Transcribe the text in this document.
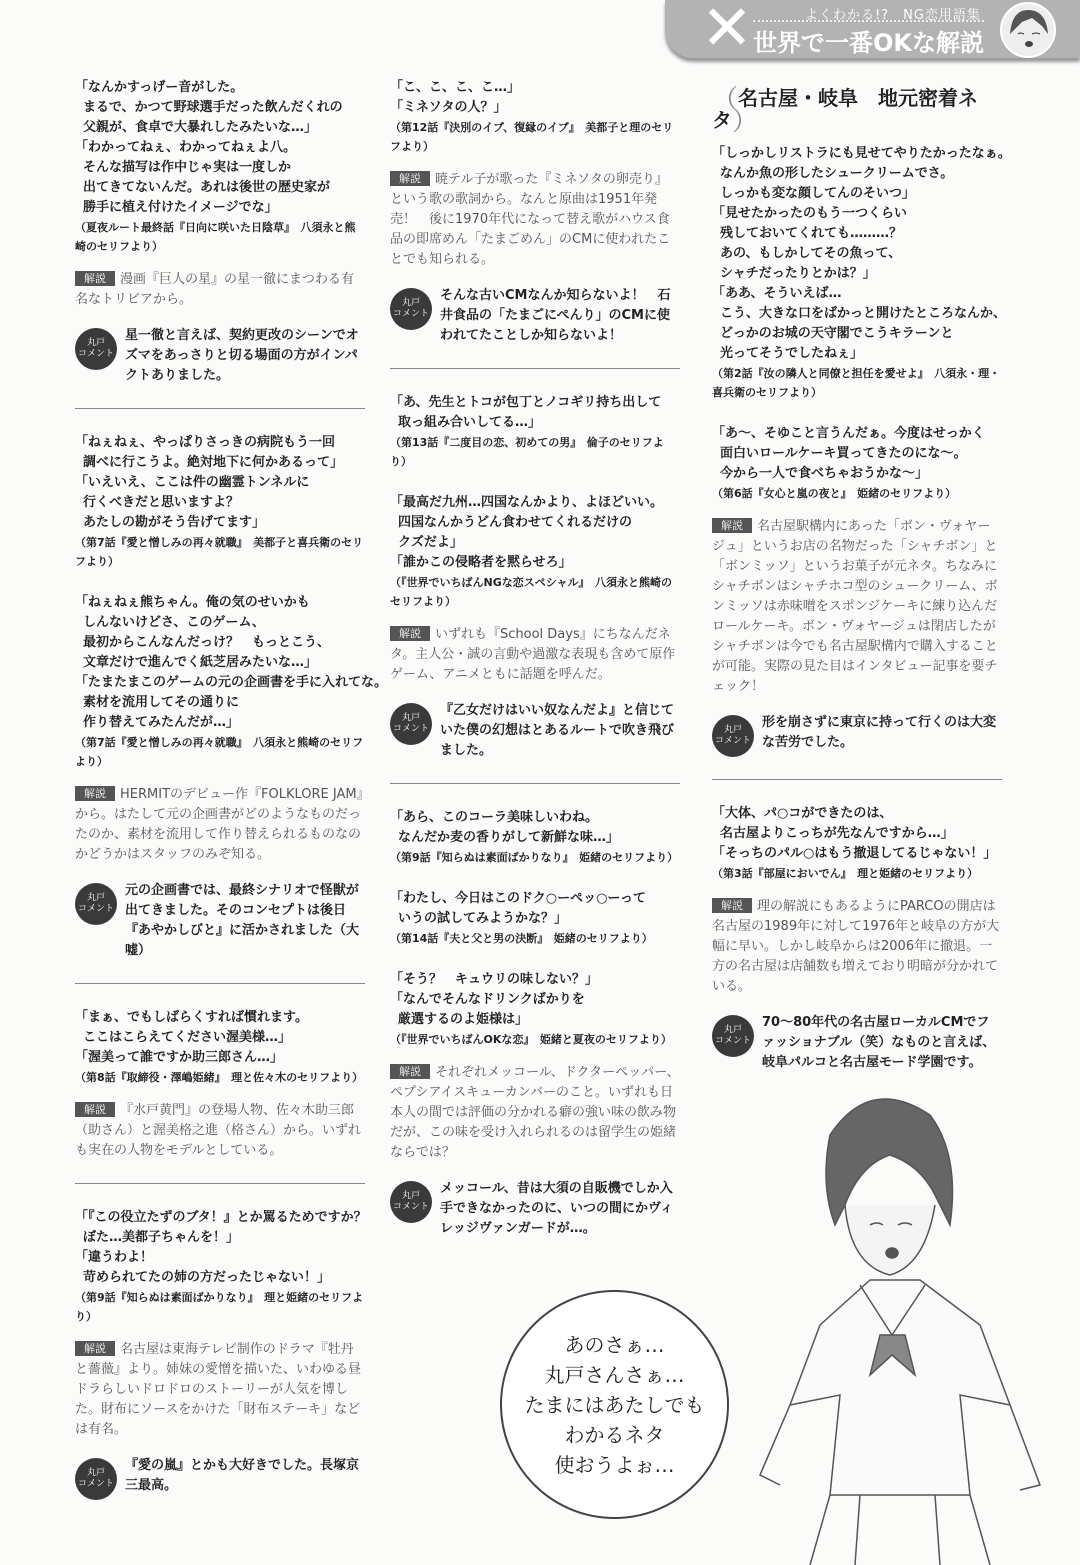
✕	よくわかる!?　NG恋用語集
世界で一番OKな解説
「なんかすっげー音がした。
まるで、かつて野球選手だった飲んだくれの
父親が、食卓で大暴れしたみたいな…」
「わかってねぇ、わかってねぇよ八。
そんな描写は作中じゃ実は一度しか
出てきてないんだ。あれは後世の歴史家が
勝手に植え付けたイメージでな」
（夏夜ルート最終話『日向に咲いた日陰草』　八須永と熊崎のセリフより）
解説 漫画『巨人の星』の星一徹にまつわる有名なトリビアから。
丸戸
コメント
星一徹と言えば、契約更改のシーンでオズマをあっさりと切る場面の方がインパクトありました。
「ねぇねぇ、やっぱりさっきの病院もう一回
調べに行こうよ。絶対地下に何かあるって」
「いえいえ、ここは件の幽霊トンネルに
行くべきだと思いますよ？
あたしの勘がそう告げてます」
（第7話『愛と憎しみの再々就職』　美都子と喜兵衛のセリフより）
「ねぇねぇ熊ちゃん。俺の気のせいかも
しんないけどさ、このゲーム、
最初からこんなんだっけ？　もっとこう、
文章だけで進んでく紙芝居みたいな…」
「たまたまこのゲームの元の企画書を手に入れてな。
素材を流用してその通りに
作り替えてみたんだが…」
（第7話『愛と憎しみの再々就職』　八須永と熊崎のセリフより）
解説 HERMITのデビュー作『FOLKLORE JAM』から。はたして元の企画書がどのようなものだったのか、素材を流用して作り替えられるものなのかどうかはスタッフのみぞ知る。
丸戸
コメント
元の企画書では、最終シナリオで怪獣が出てきました。そのコンセプトは後日『あやかしびと』に活かされました（大嘘）
「まぁ、でもしばらくすれば慣れます。
ここはこらえてください渥美様…」
「渥美って誰ですか助三郎さん…」
（第8話『取締役・澤嶋姫緒』　理と佐々木のセリフより）
解説 『水戸黄門』の登場人物、佐々木助三郎（助さん）と渥美格之進（格さん）から。いずれも実在の人物をモデルとしている。
「『この役立たずのブタ！』とか罵るためですか？
ぼた…美都子ちゃんを！」
「違うわよ！
苛められてたの姉の方だったじゃない！」
（第9話『知らぬは素面ばかりなり』　理と姫緒のセリフより）
解説 名古屋は東海テレビ制作のドラマ『牡丹と薔薇』より。姉妹の愛憎を描いた、いわゆる昼ドラらしいドロドロのストーリーが人気を博した。財布にソースをかけた「財布ステーキ」などは有名。
丸戸
コメント
『愛の嵐』とかも大好きでした。長塚京三最高。
「こ、こ、こ、こ…」
「ミネソタの人？」
（第12話『決別のイブ、復縁のイブ』　美都子と理のセリフより）
解説 暁テル子が歌った『ミネソタの卵売り』という歌の歌詞から。なんと原曲は1951年発売！　後に1970年代になって替え歌がハウス食品の即席めん「たまごめん」のCMに使われたことでも知られる。
丸戸
コメント
そんな古いCMなんか知らないよ！　石井食品の「たまごにぺんり」のCMに使われてたことしか知らないよ！
「あ、先生とトコが包丁とノコギリ持ち出して
取っ組み合いしてる…」
（第13話『二度目の恋、初めての男』　倫子のセリフより）
「最高だ九州…四国なんかより、よほどいい。
四国なんかうどん食わせてくれるだけの
クズだよ」
「誰かこの侵略者を黙らせろ」
（『世界でいちばんNGな恋スペシャル』　八須永と熊崎のセリフより）
解説 いずれも『School Days』にちなんだネタ。主人公・誠の言動や過激な表現も含めて原作ゲーム、アニメともに話題を呼んだ。
丸戸
コメント
『乙女だけはいい奴なんだよ』と信じていた僕の幻想はとあるルートで吹き飛びました。
「あら、このコーラ美味しいわね。
なんだか麦の香りがして新鮮な味…」
（第9話『知らぬは素面ばかりなり』　姫緒のセリフより）
「わたし、今日はこのドク○ーペッ○ーって
いうの試してみようかな？」
（第14話『夫と父と男の決断』　姫緒のセリフより）
「そう？　キュウリの味しない？」
「なんでそんなドリンクばかりを
厳選するのよ姫様は」
（『世界でいちばんOKな恋』　姫緒と夏夜のセリフより）
解説 それぞれメッコール、ドクターペッパー、ペプシアイスキューカンバーのこと。いずれも日本人の間では評価の分かれる癖の強い味の飲み物だが、この味を受け入れられるのは留学生の姫緒ならでは？
丸戸
コメント
メッコール、昔は大須の自販機でしか入手できなかったのに、いつの間にかヴィレッジヴァンガードが…。
（名古屋・岐阜　地元密着ネタ）
「しっかしリストラにも見せてやりたかったなぁ。
なんか魚の形したシュークリームでさ。
しっかも変な顔してんのそいつ」
「見せたかったのもう一つくらい
残しておいてくれても………？
あの、もしかしてその魚って、
シャチだったりとかは？」
「ああ、そういえば…
こう、大きな口をばかっと開けたところなんか、
どっかのお城の天守閣でこうキラーンと
光ってそうでしたねぇ」
（第2話『汝の隣人と同僚と担任を愛せよ』　八須永・理・喜兵衛のセリフより）
「あ～、そゆこと言うんだぁ。今度はせっかく
面白いロールケーキ買ってきたのにな～。
今から一人で食べちゃおうかな～」
（第6話『女心と嵐の夜と』　姫緒のセリフより）
解説 名古屋駅構内にあった「ボン・ヴォヤージュ」というお店の名物だった「シャチボン」と「ボンミッソ」というお菓子が元ネタ。ちなみにシャチボンはシャチホコ型のシュークリーム、ボンミッソは赤味噌をスポンジケーキに練り込んだロールケーキ。ボン・ヴォヤージュは閉店したがシャチボンは今でも名古屋駅構内で購入することが可能。実際の見た目はインタビュー記事を要チェック！
丸戸
コメント
形を崩さずに東京に持って行くのは大変な苦労でした。
「大体、パ○コができたのは、
名古屋よりこっちが先なんですから…」
「そっちのパル○はもう撤退してるじゃない！」
（第3話『部屋においでん』　理と姫緒のセリフより）
解説 理の解説にもあるようにPARCOの開店は名古屋の1989年に対して1976年と岐阜の方が大幅に早い。しかし岐阜からは2006年に撤退。一方の名古屋は店舗数も増えており明暗が分かれている。
丸戸
コメント
70～80年代の名古屋ローカルCMでファッショナブル（笑）なものと言えば、岐阜パルコと名古屋モード学園です。
あのさぁ…
丸戸さんさぁ…
たまにはあたしでも
わかるネタ
使おうよぉ…
